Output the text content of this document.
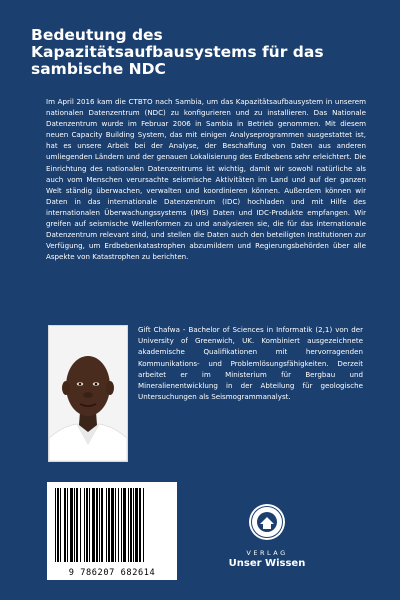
Bedeutung des
Kapazitätsaufbausystems für das
sambische NDC

Im April 2016 kam die CTBTO nach Sambia, um das Kapazitätsaufbausystem in unserem nationalen Datenzentrum (NDC) zu konfigurieren und zu installieren. Das Nationale Datenzentrum wurde im Februar 2006 in Sambia in Betrieb genommen. Mit diesem neuen Capacity Building System, das mit einigen Analyseprogrammen ausgestattet ist, hat es unsere Arbeit bei der Analyse, der Beschaffung von Daten aus anderen umliegenden Ländern und der genauen Lokalisierung des Erdbebens sehr erleichtert. Die Einrichtung des nationalen Datenzentrums ist wichtig, damit wir sowohl natürliche als auch vom Menschen verursachte seismische Aktivitäten im Land und auf der ganzen Welt ständig überwachen, verwalten und koordinieren können. Außerdem können wir Daten in das internationale Datenzentrum (IDC) hochladen und mit Hilfe des internationalen Überwachungssystems (IMS) Daten und IDC-Produkte empfangen. Wir greifen auf seismische Wellenformen zu und analysieren sie, die für das internationale Datenzentrum relevant sind, und stellen die Daten auch den beteiligten Institutionen zur Verfügung, um Erdbebenkatastrophen abzumildern und Regierungsbehörden über alle Aspekte von Katastrophen zu berichten.

Gift Chafwa - Bachelor of Sciences in Informatik (2,1) von der University of Greenwich, UK. Kombiniert ausgezeichnete akademische Qualifikationen mit hervorragenden Kommunikations- und Problemlösungsfähigkeiten. Derzeit arbeitet er im Ministerium für Bergbau und Mineralienentwicklung in der Abteilung für geologische Untersuchungen als Seismogrammanalyst.

9 786207 682614
VERLAG
Unser Wissen
